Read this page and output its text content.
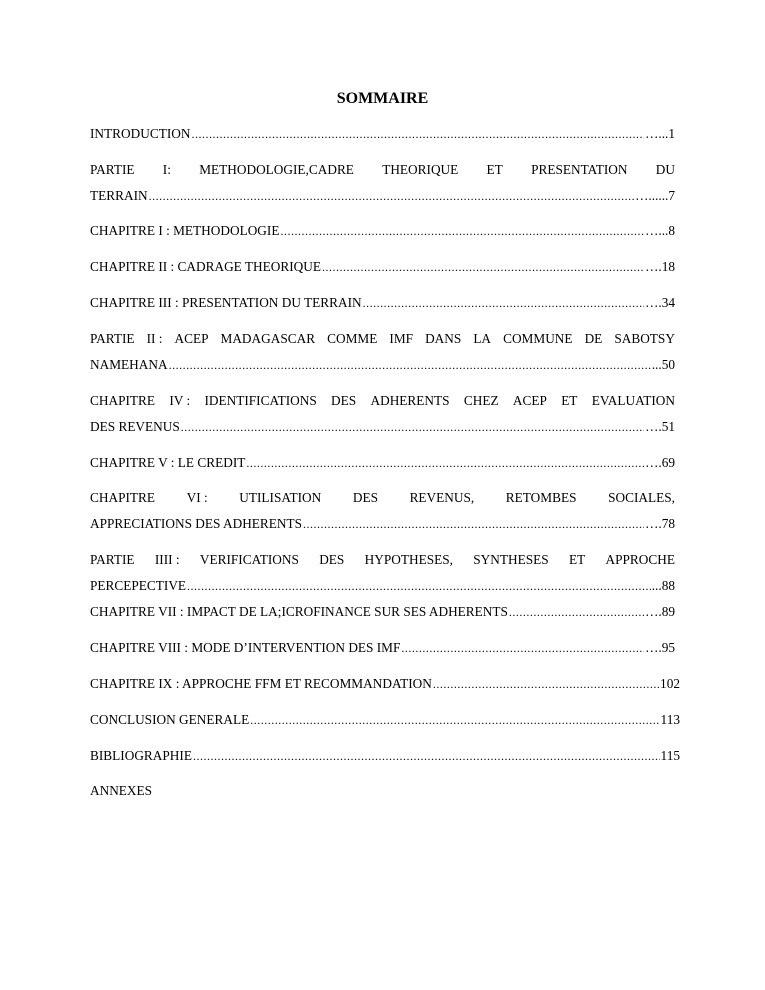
SOMMAIRE
INTRODUCTION .....	…...1
PARTIE I: METHODOLOGIE,CADRE THEORIQUE ET PRESENTATION DU
TERRAIN .....	…......7
CHAPITRE I : METHODOLOGIE .....	…...8
CHAPITRE II : CADRAGE THEORIQUE .....	….18
CHAPITRE III : PRESENTATION DU TERRAIN .....	….34
PARTIE II : ACEP MADAGASCAR COMME IMF DANS LA COMMUNE DE SABOTSY
NAMEHANA .....	...50
CHAPITRE IV : IDENTIFICATIONS DES ADHERENTS CHEZ ACEP ET EVALUATION
DES REVENUS .....	….51
CHAPITRE V : LE CREDIT .....	….69
CHAPITRE VI : UTILISATION DES REVENUS, RETOMBES SOCIALES,
APPRECIATIONS DES ADHERENTS .....	….78
PARTIE IIII : VERIFICATIONS DES HYPOTHESES, SYNTHESES ET APPROCHE
PERCEPECTIVE .....	...88
CHAPITRE VII : IMPACT DE LA;ICROFINANCE SUR SES ADHERENTS .....	….89
CHAPITRE VIII : MODE D’INTERVENTION DES IMF .....	….95
CHAPITRE IX : APPROCHE FFM ET RECOMMANDATION .....	102
CONCLUSION GENERALE .....	113
BIBLIOGRAPHIE .....	115
ANNEXES
